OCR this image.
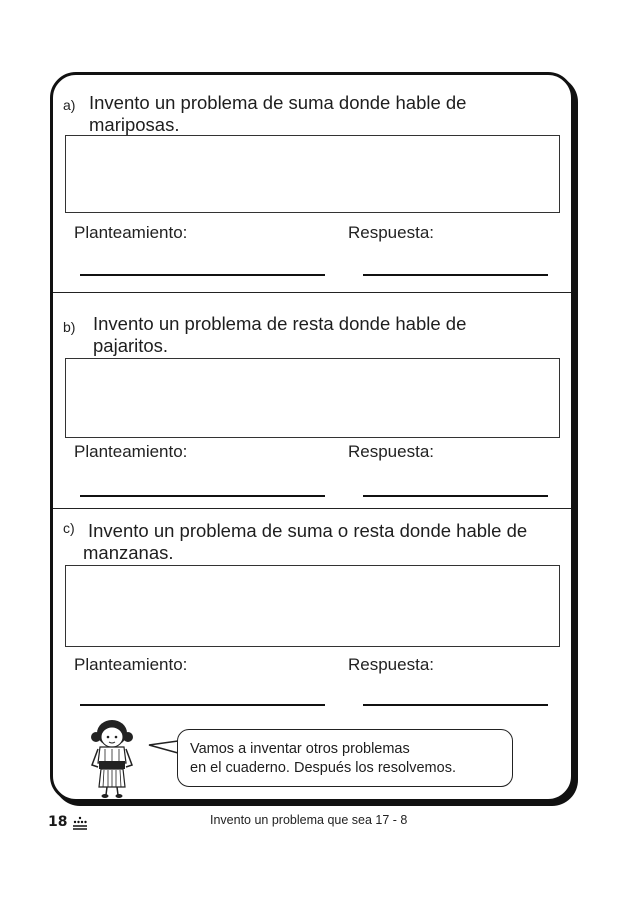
a) Invento un problema de suma donde hable de
mariposas.
Planteamiento:	Respuesta:
b) Invento un problema de resta donde hable de
pajaritos.
Planteamiento:	Respuesta:
c) Invento un problema de suma o resta donde hable de
manzanas.
Planteamiento:	Respuesta:
Vamos a inventar otros problemas
en el cuaderno. Después los resolvemos.
18	Invento un problema que sea 17 - 8
